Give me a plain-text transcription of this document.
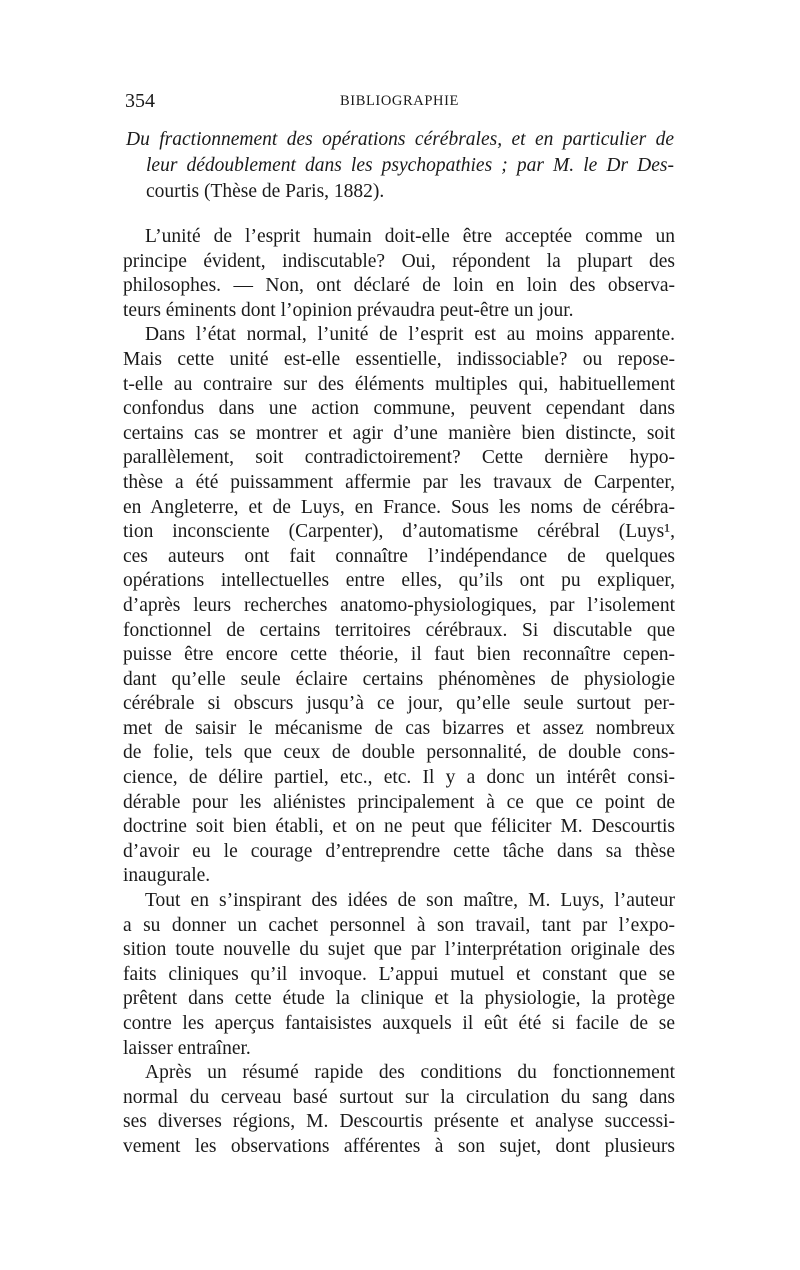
354	BIBLIOGRAPHIE
Du fractionnement des opérations cérébrales, et en particulier de
leur dédoublement dans les psychopathies ; par M. le Dr Des-
courtis (Thèse de Paris, 1882).
L’unité de l’esprit humain doit-elle être acceptée comme un
principe évident, indiscutable? Oui, répondent la plupart des
philosophes. — Non, ont déclaré de loin en loin des observa-
teurs éminents dont l’opinion prévaudra peut-être un jour.
Dans l’état normal, l’unité de l’esprit est au moins apparente.
Mais cette unité est-elle essentielle, indissociable? ou repose-
t-elle au contraire sur des éléments multiples qui, habituellement
confondus dans une action commune, peuvent cependant dans
certains cas se montrer et agir d’une manière bien distincte, soit
parallèlement, soit contradictoirement? Cette dernière hypo-
thèse a été puissamment affermie par les travaux de Carpenter,
en Angleterre, et de Luys, en France. Sous les noms de cérébra-
tion inconsciente (Carpenter), d’automatisme cérébral (Luys¹,
ces auteurs ont fait connaître l’indépendance de quelques
opérations intellectuelles entre elles, qu’ils ont pu expliquer,
d’après leurs recherches anatomo-physiologiques, par l’isolement
fonctionnel de certains territoires cérébraux. Si discutable que
puisse être encore cette théorie, il faut bien reconnaître cepen-
dant qu’elle seule éclaire certains phénomènes de physiologie
cérébrale si obscurs jusqu’à ce jour, qu’elle seule surtout per-
met de saisir le mécanisme de cas bizarres et assez nombreux
de folie, tels que ceux de double personnalité, de double cons-
cience, de délire partiel, etc., etc. Il y a donc un intérêt consi-
dérable pour les aliénistes principalement à ce que ce point de
doctrine soit bien établi, et on ne peut que féliciter M. Descourtis
d’avoir eu le courage d’entreprendre cette tâche dans sa thèse
inaugurale.
Tout en s’inspirant des idées de son maître, M. Luys, l’auteur
a su donner un cachet personnel à son travail, tant par l’expo-
sition toute nouvelle du sujet que par l’interprétation originale des
faits cliniques qu’il invoque. L’appui mutuel et constant que se
prêtent dans cette étude la clinique et la physiologie, la protège
contre les aperçus fantaisistes auxquels il eût été si facile de se
laisser entraîner.
Après un résumé rapide des conditions du fonctionnement
normal du cerveau basé surtout sur la circulation du sang dans
ses diverses régions, M. Descourtis présente et analyse successi-
vement les observations afférentes à son sujet, dont plusieurs
